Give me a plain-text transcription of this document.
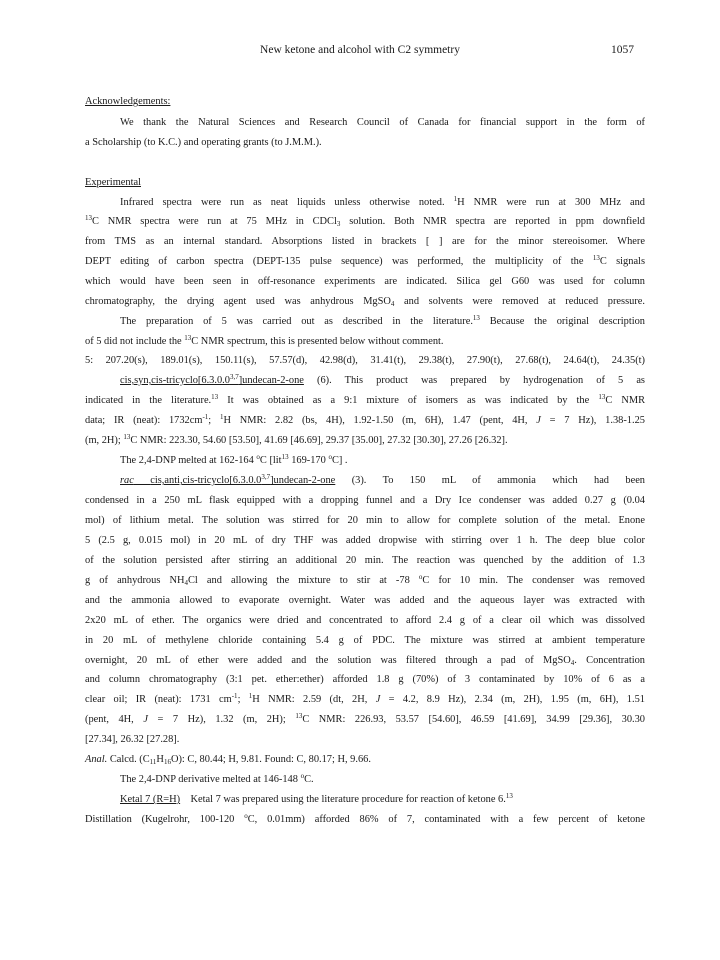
New ketone and alcohol with C2 symmetry	1057
Acknowledgements:
We thank the Natural Sciences and Research Council of Canada for financial support in the form of
a Scholarship (to K.C.) and operating grants (to J.M.M.).
Experimental
Infrared spectra were run as neat liquids unless otherwise noted. $^1$H NMR were run at 300 MHz and
$^{13}$C NMR spectra were run at 75 MHz in CDCl$_3$ solution. Both NMR spectra are reported in ppm downfield
from TMS as an internal standard. Absorptions listed in brackets [ ] are for the minor stereoisomer. Where
DEPT editing of carbon spectra (DEPT-135 pulse sequence) was performed, the multiplicity of the $^{13}$C signals
which would have been seen in off-resonance experiments are indicated. Silica gel G60 was used for column
chromatography, the drying agent used was anhydrous MgSO$_4$ and solvents were removed at reduced pressure.
The preparation of 5 was carried out as described in the literature.$^{13}$ Because the original description
of 5 did not include the $^{13}$C NMR spectrum, this is presented below without comment.
5: 207.20(s), 189.01(s), 150.11(s), 57.57(d), 42.98(d), 31.41(t), 29.38(t), 27.90(t), 27.68(t), 24.64(t), 24.35(t)
cis,syn,cis-tricyclo[6.3.0.0$^{3,7}$]undecan-2-one (6). This product was prepared by hydrogenation of 5 as
indicated in the literature.$^{13}$ It was obtained as a 9:1 mixture of isomers as was indicated by the $^{13}$C NMR
data; IR (neat): $1732cm^{-1}$; $^1$H NMR: 2.82 (bs, 4H), 1.92-1.50 (m, 6H), 1.47 (pent, 4H, J = 7 Hz), 1.38-1.25
(m, 2H); $^{13}$C NMR: 223.30, 54.60 [53.50], 41.69 [46.69], 29.37 [35.00], 27.32 [30.30], 27.26 [26.32].
The 2,4-DNP melted at 162-164 $^o$C [lit$^{13}$ 169-170 $^o$C] .
rac cis,anti,cis-tricyclo[6.3.0.0$^{3,7}$]undecan-2-one (3). To 150 mL of ammonia which had been
condensed in a 250 mL flask equipped with a dropping funnel and a Dry Ice condenser was added 0.27 g (0.04
mol) of lithium metal. The solution was stirred for 20 min to allow for complete solution of the metal. Enone
5 (2.5 g, 0.015 mol) in 20 mL of dry THF was added dropwise with stirring over 1 h. The deep blue color
of the solution persisted after stirring an additional 20 min. The reaction was quenched by the addition of 1.3
g of anhydrous $NH_4Cl$ and allowing the mixture to stir at -78 $^o$C for 10 min. The condenser was removed
and the ammonia allowed to evaporate overnight. Water was added and the aqueous layer was extracted with
2x20 mL of ether. The organics were dried and concentrated to afford 2.4 g of a clear oil which was dissolved
in 20 mL of methylene chloride containing 5.4 g of PDC. The mixture was stirred at ambient temperature
overnight, 20 mL of ether were added and the solution was filtered through a pad of MgSO$_4$. Concentration
and column chromatography (3:1 pet. ether:ether) afforded 1.8 g (70%) of 3 contaminated by 10% of 6 as a
clear oil; IR (neat): 1731 $cm^{-1}$; $^1$H NMR: 2.59 (dt, 2H, J = 4.2, 8.9 Hz), 2.34 (m, 2H), 1.95 (m, 6H), 1.51
(pent, 4H, J = 7 Hz), 1.32 (m, 2H); $^{13}$C NMR: 226.93, 53.57 [54.60], 46.59 [41.69], 34.99 [29.36], 30.30
[27.34], 26.32 [27.28].
Anal. Calcd. $(C_{11}H_{16}O)$: C, 80.44; H, 9.81. Found: C, 80.17; H, 9.66.
The 2,4-DNP derivative melted at 146-148 $^o$C.
Ketal 7 (R=H) Ketal 7 was prepared using the literature procedure for reaction of ketone 6.13
Distillation (Kugelrohr, 100-120 $^o$C, 0.01mm) afforded 86% of 7, contaminated with a few percent of ketone
